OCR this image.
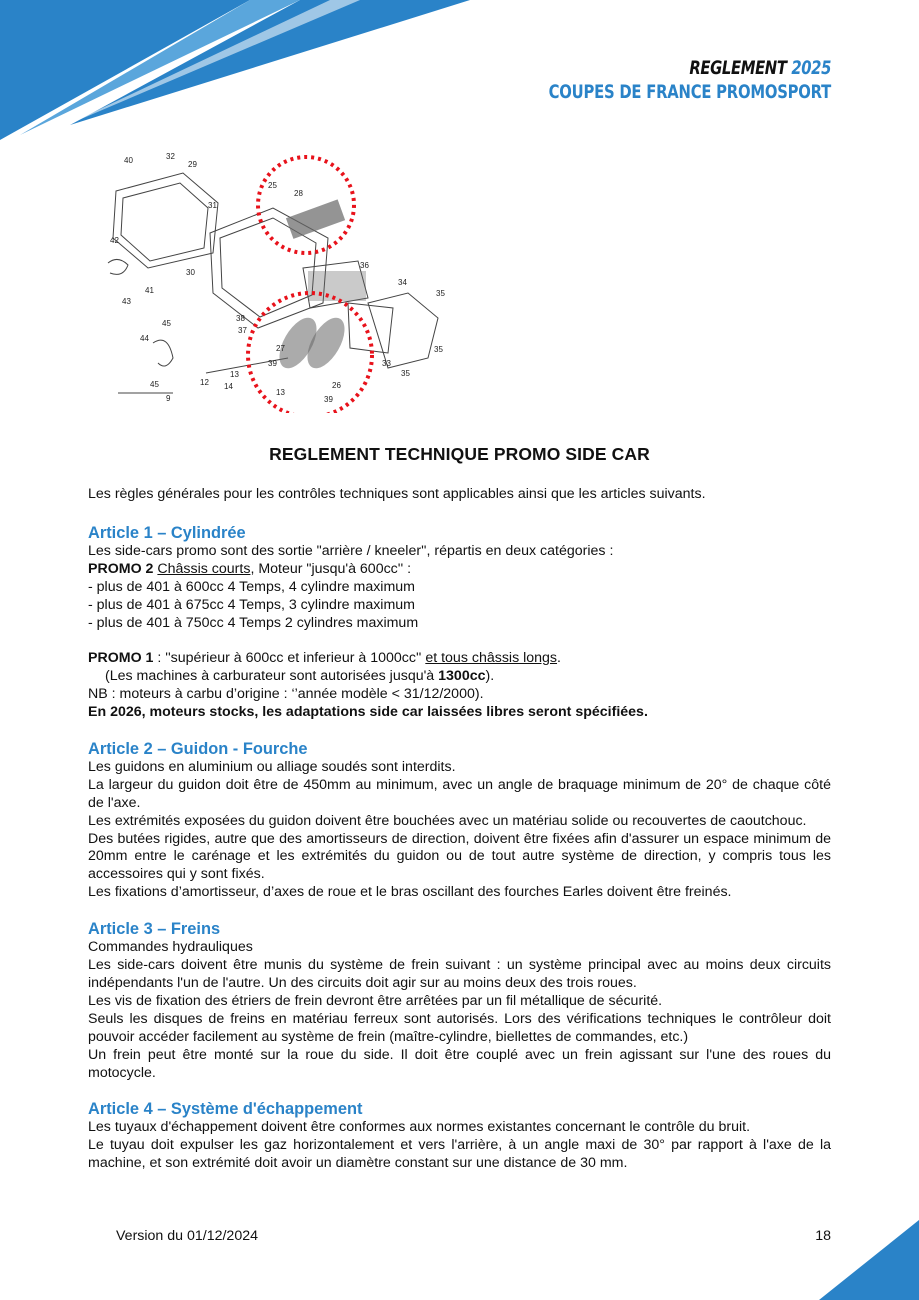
REGLEMENT 2025
COUPES DE FRANCE PROMOSPORT
40	32
29
25
28
31
42
30
36
34
35
41
43
38
37
45
44
27
39
13
26
33
35
35
45	12 14
13
39
9
REGLEMENT TECHNIQUE PROMO SIDE CAR

Les règles générales pour les contrôles techniques sont applicables ainsi que les articles suivants.

Article 1 – Cylindrée

Les side-cars promo sont des sortie "arrière / kneeler'', répartis en deux catégories :

PROMO 2 Châssis courts, Moteur "jusqu'à 600cc'' :

- plus de 401 à 600cc 4 Temps, 4 cylindre maximum

- plus de 401 à 675cc 4 Temps, 3 cylindre maximum

- plus de 401 à 750cc 4 Temps 2 cylindres maximum

PROMO 1 : ''supérieur à 600cc et inferieur à 1000cc'' et tous châssis longs.

(Les machines à carburateur sont autorisées jusqu'à 1300cc).

NB : moteurs à carbu d’origine : ‘’année modèle < 31/12/2000).

En 2026, moteurs stocks, les adaptations side car laissées libres seront spécifiées.

Article 2 – Guidon - Fourche

Les guidons en aluminium ou alliage soudés sont interdits.

La largeur du guidon doit être de 450mm au minimum, avec un angle de braquage minimum de 20° de chaque côté de l'axe.

Les extrémités exposées du guidon doivent être bouchées avec un matériau solide ou recouvertes de caoutchouc.

Des butées rigides, autre que des amortisseurs de direction, doivent être fixées afin d'assurer un espace minimum de 20mm entre le carénage et les extrémités du guidon ou de tout autre système de direction, y compris tous les accessoires qui y sont fixés.

Les fixations d’amortisseur, d’axes de roue et le bras oscillant des fourches Earles doivent être freinés.

Article 3 – Freins

Commandes hydrauliques

Les side-cars doivent être munis du système de frein suivant : un système principal avec au moins deux circuits indépendants l'un de l'autre. Un des circuits doit agir sur au moins deux des trois roues.

Les vis de fixation des étriers de frein devront être arrêtées par un fil métallique de sécurité.

Seuls les disques de freins en matériau ferreux sont autorisés. Lors des vérifications techniques le contrôleur doit pouvoir accéder facilement au système de frein (maître-cylindre, biellettes de commandes, etc.)

Un frein peut être monté sur la roue du side. Il doit être couplé avec un frein agissant sur l'une des roues du motocycle.

Article 4 – Système d'échappement

Les tuyaux d'échappement doivent être conformes aux normes existantes concernant le contrôle du bruit.

Le tuyau doit expulser les gaz horizontalement et vers l'arrière, à un angle maxi de 30° par rapport à l'axe de la machine, et son extrémité doit avoir un diamètre constant sur une distance de 30 mm.

Version du 01/12/2024	18
